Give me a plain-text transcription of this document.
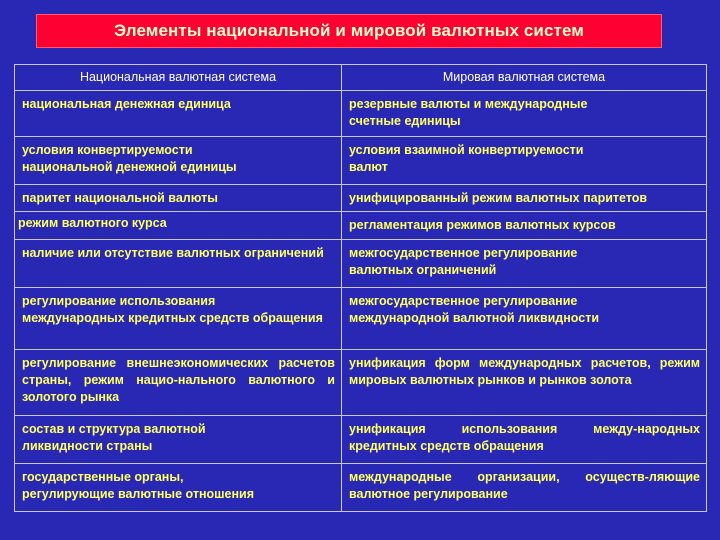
Элементы национальной и мировой валютных систем
Национальная валютная система	Мировая валютная система
национальная денежная единица	резервные валюты и международные
счетные единицы
условия конвертируемости
национальной денежной единицы	условия взаимной конвертируемости
валют
паритет национальной валюты	унифицированный режим валютных паритетов
режим валютного курса	регламентация режимов валютных курсов
наличие или отсутствие валютных ограничений	межгосударственное регулирование
валютных ограничений
регулирование использования
международных кредитных средств обращения	межгосударственное регулирование
международной валютной ликвидности
регулирование внешнеэкономических расчетов страны, режим нацио-нального валютного и золотого рынка	унификация форм международных расчетов, режим мировых валютных рынков и рынков золота
состав и структура валютной
ликвидности страны	унификация использования между-народных кредитных средств обращения
государственные органы,
регулирующие валютные отношения	международные организации, осуществ-ляющие валютное регулирование
